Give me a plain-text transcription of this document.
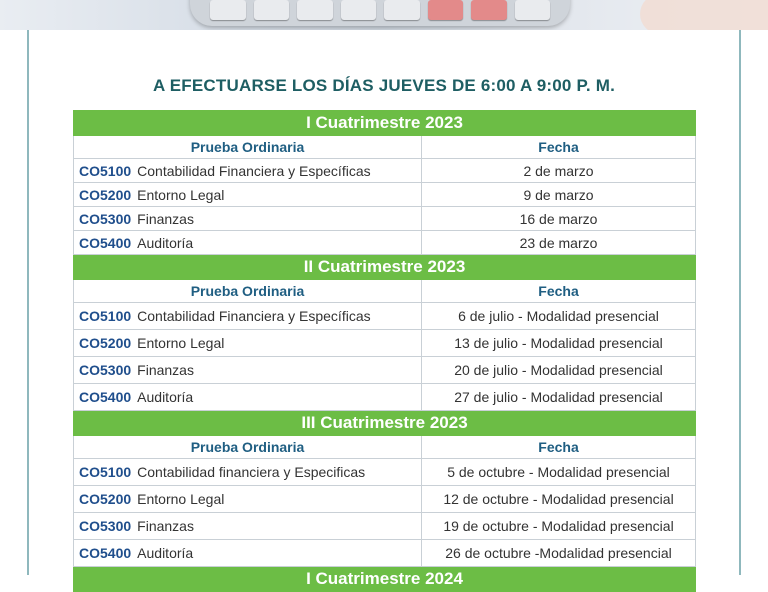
A EFECTUARSE LOS DÍAS JUEVES DE 6:00 A 9:00 P. M.
I Cuatrimestre 2023	
Prueba Ordinaria	Fecha
CO5100 Contabilidad Financiera y Específicas	2 de marzo
CO5200 Entorno Legal	9 de marzo
CO5300 Finanzas	16 de marzo
CO5400 Auditoría	23 de marzo
II Cuatrimestre 2023	
Prueba Ordinaria	Fecha
CO5100 Contabilidad Financiera y Específicas	6 de julio - Modalidad presencial
CO5200 Entorno Legal	13 de julio - Modalidad presencial
CO5300 Finanzas	20 de julio - Modalidad presencial
CO5400 Auditoría	27 de julio - Modalidad presencial
III Cuatrimestre 2023	
Prueba Ordinaria	Fecha
CO5100 Contabilidad financiera y Especificas	5 de octubre - Modalidad presencial
CO5200 Entorno Legal	12 de octubre - Modalidad presencial
CO5300 Finanzas	19 de octubre - Modalidad presencial
CO5400 Auditoría	26 de octubre -Modalidad presencial
I Cuatrimestre 2024	
